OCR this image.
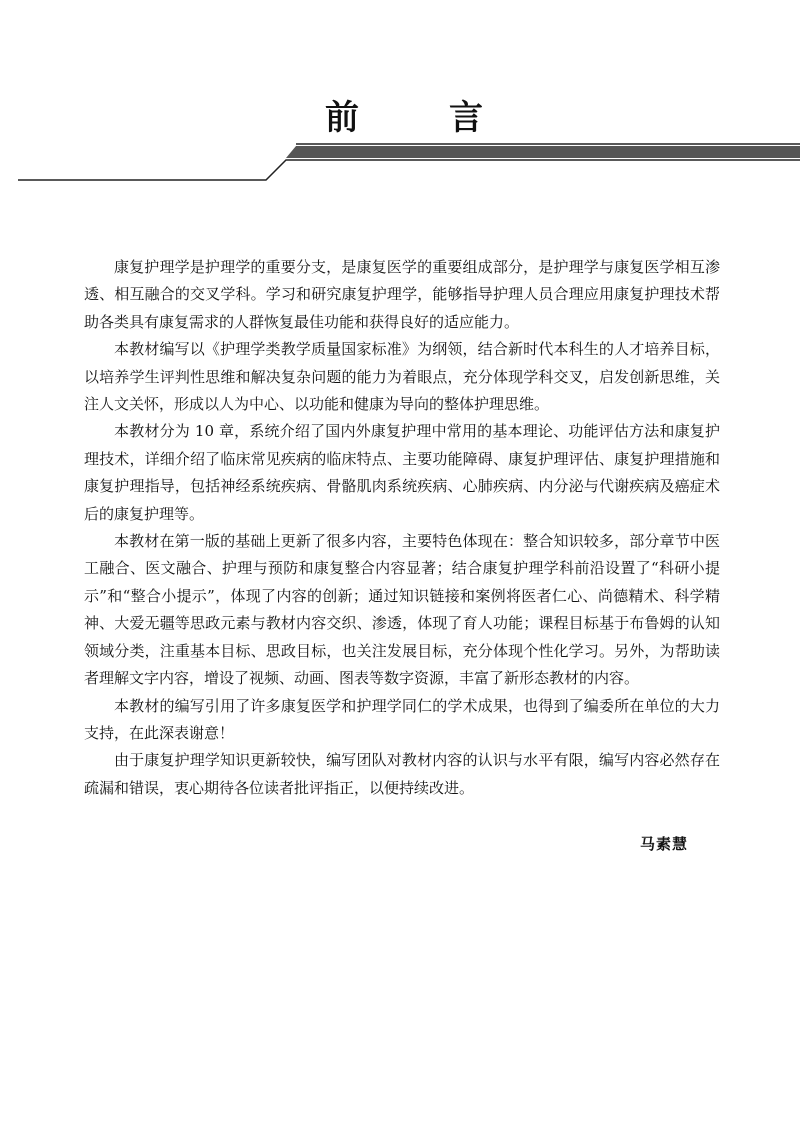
前　言

康复护理学是护理学的重要分支，是康复医学的重要组成部分，是护理学与康复医学相互渗透、相互融合的交叉学科。学习和研究康复护理学，能够指导护理人员合理应用康复护理技术帮助各类具有康复需求的人群恢复最佳功能和获得良好的适应能力。

本教材编写以《护理学类教学质量国家标准》为纲领，结合新时代本科生的人才培养目标，以培养学生评判性思维和解决复杂问题的能力为着眼点，充分体现学科交叉，启发创新思维，关注人文关怀，形成以人为中心、以功能和健康为导向的整体护理思维。

本教材分为 10 章，系统介绍了国内外康复护理中常用的基本理论、功能评估方法和康复护理技术，详细介绍了临床常见疾病的临床特点、主要功能障碍、康复护理评估、康复护理措施和康复护理指导，包括神经系统疾病、骨骼肌肉系统疾病、心肺疾病、内分泌与代谢疾病及癌症术后的康复护理等。

本教材在第一版的基础上更新了很多内容，主要特色体现在：整合知识较多，部分章节中医工融合、医文融合、护理与预防和康复整合内容显著；结合康复护理学科前沿设置了“科研小提示”和“整合小提示”，体现了内容的创新；通过知识链接和案例将医者仁心、尚德精术、科学精神、大爱无疆等思政元素与教材内容交织、渗透，体现了育人功能；课程目标基于布鲁姆的认知领域分类，注重基本目标、思政目标，也关注发展目标，充分体现个性化学习。另外，为帮助读者理解文字内容，增设了视频、动画、图表等数字资源，丰富了新形态教材的内容。

本教材的编写引用了许多康复医学和护理学同仁的学术成果，也得到了编委所在单位的大力支持，在此深表谢意！

由于康复护理学知识更新较快，编写团队对教材内容的认识与水平有限，编写内容必然存在疏漏和错误，衷心期待各位读者批评指正，以便持续改进。

马素慧
